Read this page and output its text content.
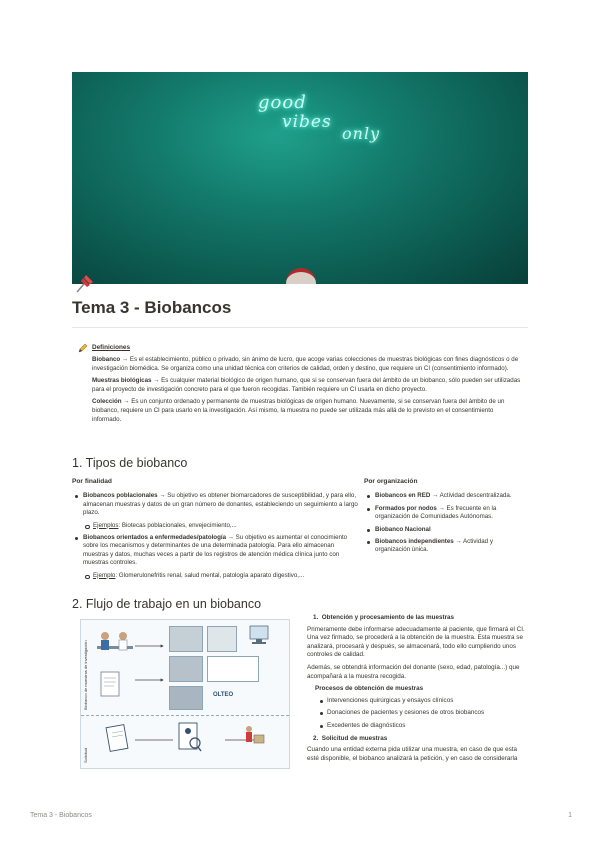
good
vibes
only
Tema 3 - Biobancos
Definiciones

Biobanco → Es el establecimiento, público o privado, sin ánimo de lucro, que acoge varias colecciones de muestras biológicas con fines diagnósticos o de investigación biomédica. Se organiza como una unidad técnica con criterios de calidad, orden y destino, que requiere un CI (consentimiento informado).

Muestras biológicas → Es cualquier material biológico de origen humano, que si se conservan fuera del ámbito de un biobanco, sólo pueden ser utilizadas para el proyecto de investigación concreto para el que fueron recogidas. También requiere un CI usarla en dicho proyecto.

Colección → Es un conjunto ordenado y permanente de muestras biológicas de origen humano. Nuevamente, si se conservan fuera del ámbito de un biobanco, requiere un CI para usarlo en la investigación. Así mismo, la muestra no puede ser utilizada más allá de lo previsto en el consentimiento informado.

1. Tipos de biobanco
Por finalidad
Biobancos poblacionales → Su objetivo es obtener biomarcadores de susceptibilidad, y para ello, almacenan muestras y datos de un gran número de donantes, estableciendo un seguimiento a largo plazo.
Ejemplos: Biotecas poblacionales, envejecimiento,...
Biobancos orientados a enfermedades/patología → Su objetivo es aumentar el conocimiento sobre los mecanismos y determinantes de una determinada patología. Para ello almacenan muestras y datos, muchas veces a partir de los registros de atención médica clínica junto con muestras controles.
Ejemplo: Glomerulonefritis renal, salud mental, patología aparato digestivo,...
Por organización
Biobancos en RED → Actividad descentralizada.
Formados por nodos → Es frecuente en la organización de Comunidades Autónomas.
Biobanco Nacional
Biobancos independientes → Actividad y organización única.
2. Flujo de trabajo en un biobanco
Biobanco de muestras de investigación	OLTEO
Solicitud
1.  Obtención y procesamiento de las muestras

Primeramente debe informarse adecuadamente al paciente, que firmará el CI. Una vez firmado, se procederá a la obtención de la muestra. Esta muestra se analizará, procesará y después, se almacenará, todo ello cumpliendo unos controles de calidad.

Además, se obtendrá información del donante (sexo, edad, patología...) que acompañará a la muestra recogida.

Procesos de obtención de muestras
Intervenciones quirúrgicas y ensayos clínicos
Donaciones de pacientes y cesiones de otros biobancos
Excedentes de diagnósticos
2.  Solicitud de muestras

Cuando una entidad externa pida utilizar una muestra, en caso de que esta esté disponible, el biobanco analizará la petición, y en caso de considerarla

Tema 3 - Biobancos	1
